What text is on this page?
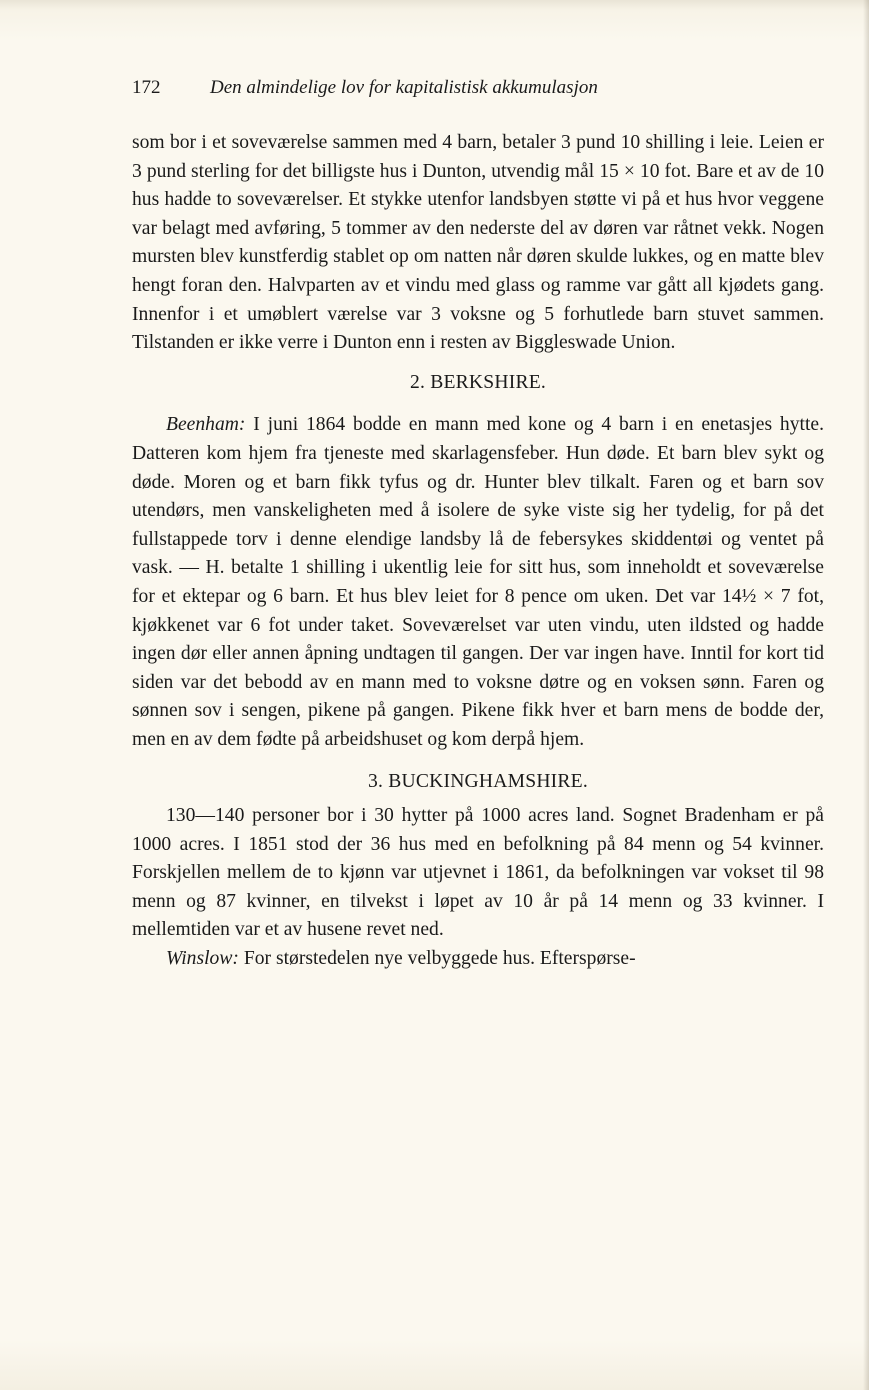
172	Den almindelige lov for kapitalistisk akkumulasjon

som bor i et soveværelse sammen med 4 barn, betaler 3 pund 10 shilling i leie. Leien er 3 pund sterling for det billigste hus i Dunton, utvendig mål 15 × 10 fot. Bare et av de 10 hus hadde to soveværelser. Et stykke utenfor landsbyen støtte vi på et hus hvor veggene var belagt med avføring, 5 tommer av den nederste del av døren var råtnet vekk. Nogen mursten blev kunstferdig stablet op om natten når døren skulde lukkes, og en matte blev hengt foran den. Halvparten av et vindu med glass og ramme var gått all kjødets gang. Innenfor i et umøblert værelse var 3 voksne og 5 forhutlede barn stuvet sammen. Tilstanden er ikke verre i Dunton enn i resten av Biggleswade Union.

2. BERKSHIRE.

Beenham: I juni 1864 bodde en mann med kone og 4 barn i en enetasjes hytte. Datteren kom hjem fra tjeneste med skarlagensfeber. Hun døde. Et barn blev sykt og døde. Moren og et barn fikk tyfus og dr. Hunter blev tilkalt. Faren og et barn sov utendørs, men vanskeligheten med å isolere de syke viste sig her tydelig, for på det fullstappede torv i denne elendige landsby lå de febersykes skiddentøi og ventet på vask. — H. betalte 1 shilling i ukentlig leie for sitt hus, som inneholdt et soveværelse for et ektepar og 6 barn. Et hus blev leiet for 8 pence om uken. Det var 14½ × 7 fot, kjøkkenet var 6 fot under taket. Soveværelset var uten vindu, uten ildsted og hadde ingen dør eller annen åpning undtagen til gangen. Der var ingen have. Inntil for kort tid siden var det bebodd av en mann med to voksne døtre og en voksen sønn. Faren og sønnen sov i sengen, pikene på gangen. Pikene fikk hver et barn mens de bodde der, men en av dem fødte på arbeidshuset og kom derpå hjem.

3. BUCKINGHAMSHIRE.

130—140 personer bor i 30 hytter på 1000 acres land. Sognet Bradenham er på 1000 acres. I 1851 stod der 36 hus med en befolkning på 84 menn og 54 kvinner. Forskjellen mellem de to kjønn var utjevnet i 1861, da befolkningen var vokset til 98 menn og 87 kvinner, en tilvekst i løpet av 10 år på 14 menn og 33 kvinner. I mellemtiden var et av husene revet ned.

Winslow: For størstedelen nye velbyggede hus. Efterspørse-
